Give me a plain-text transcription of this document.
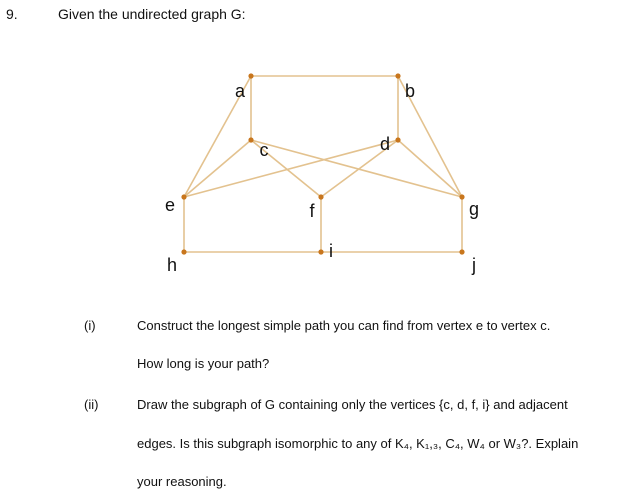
9.	Given the undirected graph G:
a	b
c	d
e	f	g
h
i
j
(i)	Construct the longest simple path you can find from vertex e to vertex c.
How long is your path?
(ii)	Draw the subgraph of G containing only the vertices {c, d, f, i} and adjacent
edges. Is this subgraph isomorphic to any of K₄, K₁,₃, C₄, W₄ or W₃?. Explain
your reasoning.
